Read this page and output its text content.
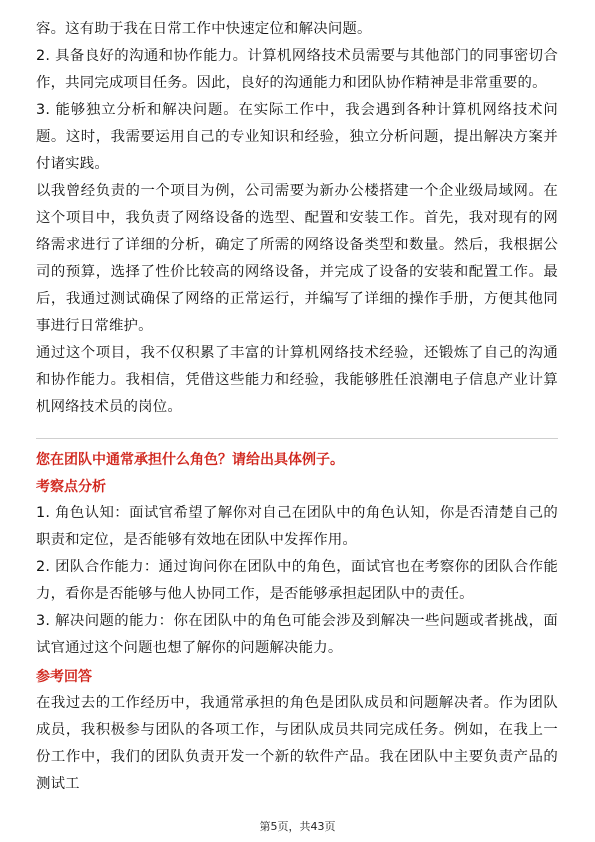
容。这有助于我在日常工作中快速定位和解决问题。

2. 具备良好的沟通和协作能力。计算机网络技术员需要与其他部门的同事密切合作，共同完成项目任务。因此，良好的沟通能力和团队协作精神是非常重要的。

3. 能够独立分析和解决问题。在实际工作中，我会遇到各种计算机网络技术问题。这时，我需要运用自己的专业知识和经验，独立分析问题，提出解决方案并付诸实践。

以我曾经负责的一个项目为例，公司需要为新办公楼搭建一个企业级局域网。在这个项目中，我负责了网络设备的选型、配置和安装工作。首先，我对现有的网络需求进行了详细的分析，确定了所需的网络设备类型和数量。然后，我根据公司的预算，选择了性价比较高的网络设备，并完成了设备的安装和配置工作。最后，我通过测试确保了网络的正常运行，并编写了详细的操作手册，方便其他同事进行日常维护。

通过这个项目，我不仅积累了丰富的计算机网络技术经验，还锻炼了自己的沟通和协作能力。我相信，凭借这些能力和经验，我能够胜任浪潮电子信息产业计算机网络技术员的岗位。

您在团队中通常承担什么角色？请给出具体例子。

考察点分析

1. 角色认知：面试官希望了解你对自己在团队中的角色认知，你是否清楚自己的职责和定位，是否能够有效地在团队中发挥作用。

2. 团队合作能力：通过询问你在团队中的角色，面试官也在考察你的团队合作能力，看你是否能够与他人协同工作，是否能够承担起团队中的责任。

3. 解决问题的能力：你在团队中的角色可能会涉及到解决一些问题或者挑战，面试官通过这个问题也想了解你的问题解决能力。

参考回答

在我过去的工作经历中，我通常承担的角色是团队成员和问题解决者。作为团队成员，我积极参与团队的各项工作，与团队成员共同完成任务。例如，在我上一份工作中，我们的团队负责开发一个新的软件产品。我在团队中主要负责产品的测试工

第5页，共43页
